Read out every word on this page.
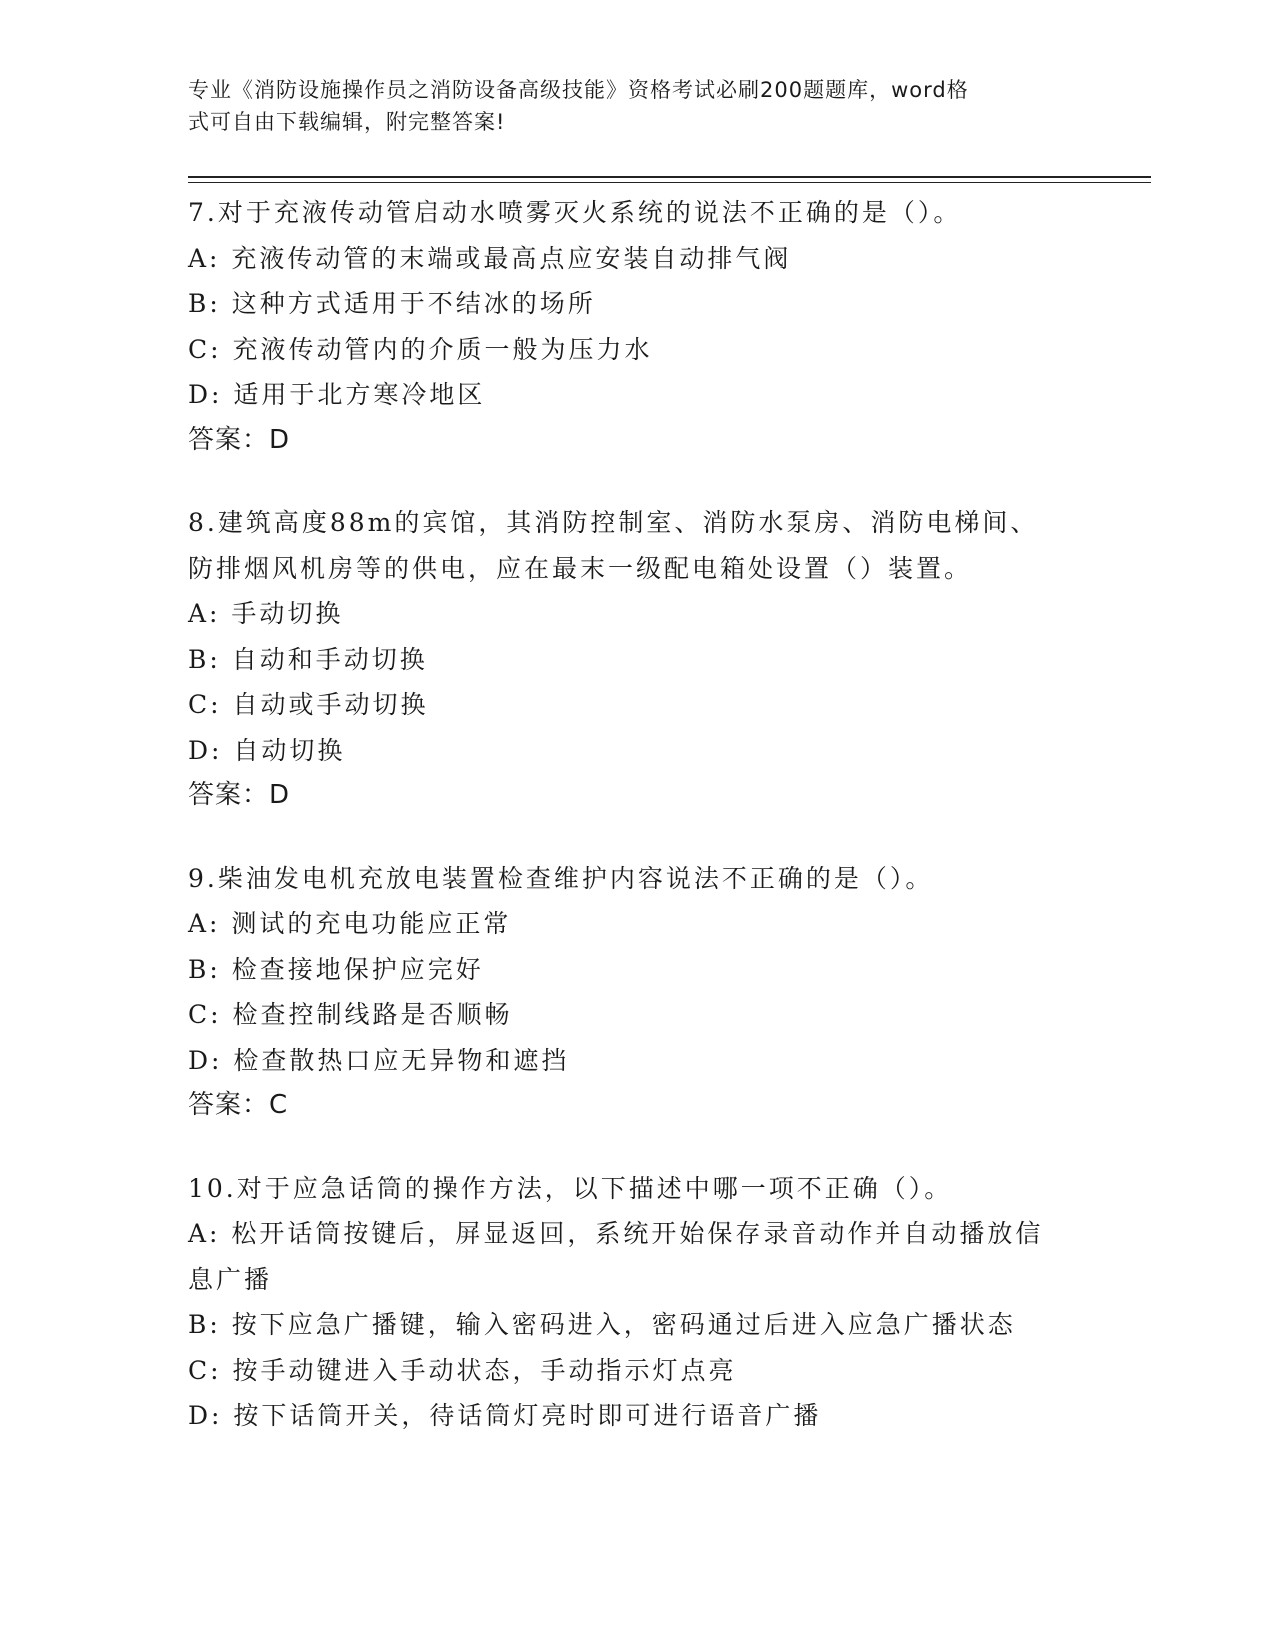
专业《消防设施操作员之消防设备高级技能》资格考试必刷200题题库，word格
式可自由下载编辑，附完整答案!
7.对于充液传动管启动水喷雾灭火系统的说法不正确的是（）。
A: 充液传动管的末端或最高点应安装自动排气阀
B: 这种方式适用于不结冰的场所
C: 充液传动管内的介质一般为压力水
D: 适用于北方寒冷地区
答案：D
8.建筑高度88m的宾馆，其消防控制室、消防水泵房、消防电梯间、
防排烟风机房等的供电，应在最末一级配电箱处设置（）装置。
A: 手动切换
B: 自动和手动切换
C: 自动或手动切换
D: 自动切换
答案：D
9.柴油发电机充放电装置检查维护内容说法不正确的是（）。
A: 测试的充电功能应正常
B: 检查接地保护应完好
C: 检查控制线路是否顺畅
D: 检查散热口应无异物和遮挡
答案：C
10.对于应急话筒的操作方法，以下描述中哪一项不正确（）。
A: 松开话筒按键后，屏显返回，系统开始保存录音动作并自动播放信息广播
B: 按下应急广播键，输入密码进入，密码通过后进入应急广播状态
C: 按手动键进入手动状态，手动指示灯点亮
D: 按下话筒开关，待话筒灯亮时即可进行语音广播
